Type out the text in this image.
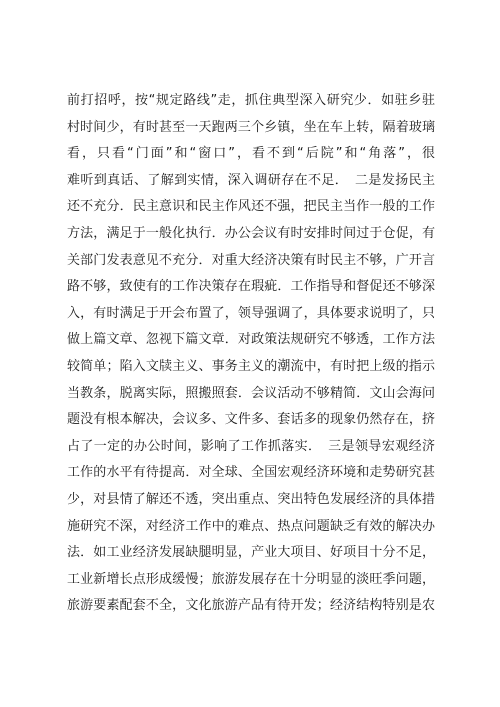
前打招呼，按“规定路线”走，抓住典型深入研究少．如驻乡驻
村时间少，有时甚至一天跑两三个乡镇，坐在车上转，隔着玻璃
看，只看“门面”和“窗口”，看不到“后院”和“角落”，很
难听到真话、了解到实情，深入调研存在不足．　二是发扬民主
还不充分．民主意识和民主作风还不强，把民主当作一般的工作
方法，满足于一般化执行．办公会议有时安排时间过于仓促，有
关部门发表意见不充分．对重大经济决策有时民主不够，广开言
路不够，致使有的工作决策存在瑕疵．工作指导和督促还不够深
入，有时满足于开会布置了，领导强调了，具体要求说明了，只
做上篇文章、忽视下篇文章．对政策法规研究不够透，工作方法
较简单；陷入文牍主义、事务主义的潮流中，有时把上级的指示
当教条，脱离实际，照搬照套．会议活动不够精简．文山会海问
题没有根本解决，会议多、文件多、套话多的现象仍然存在，挤
占了一定的办公时间，影响了工作抓落实．　三是领导宏观经济
工作的水平有待提高．对全球、全国宏观经济环境和走势研究甚
少，对县情了解还不透，突出重点、突出特色发展经济的具体措
施研究不深，对经济工作中的难点、热点问题缺乏有效的解决办
法．如工业经济发展缺腿明显，产业大项目、好项目十分不足，
工业新增长点形成缓慢；旅游发展存在十分明显的淡旺季问题，
旅游要素配套不全，文化旅游产品有待开发；经济结构特别是农
